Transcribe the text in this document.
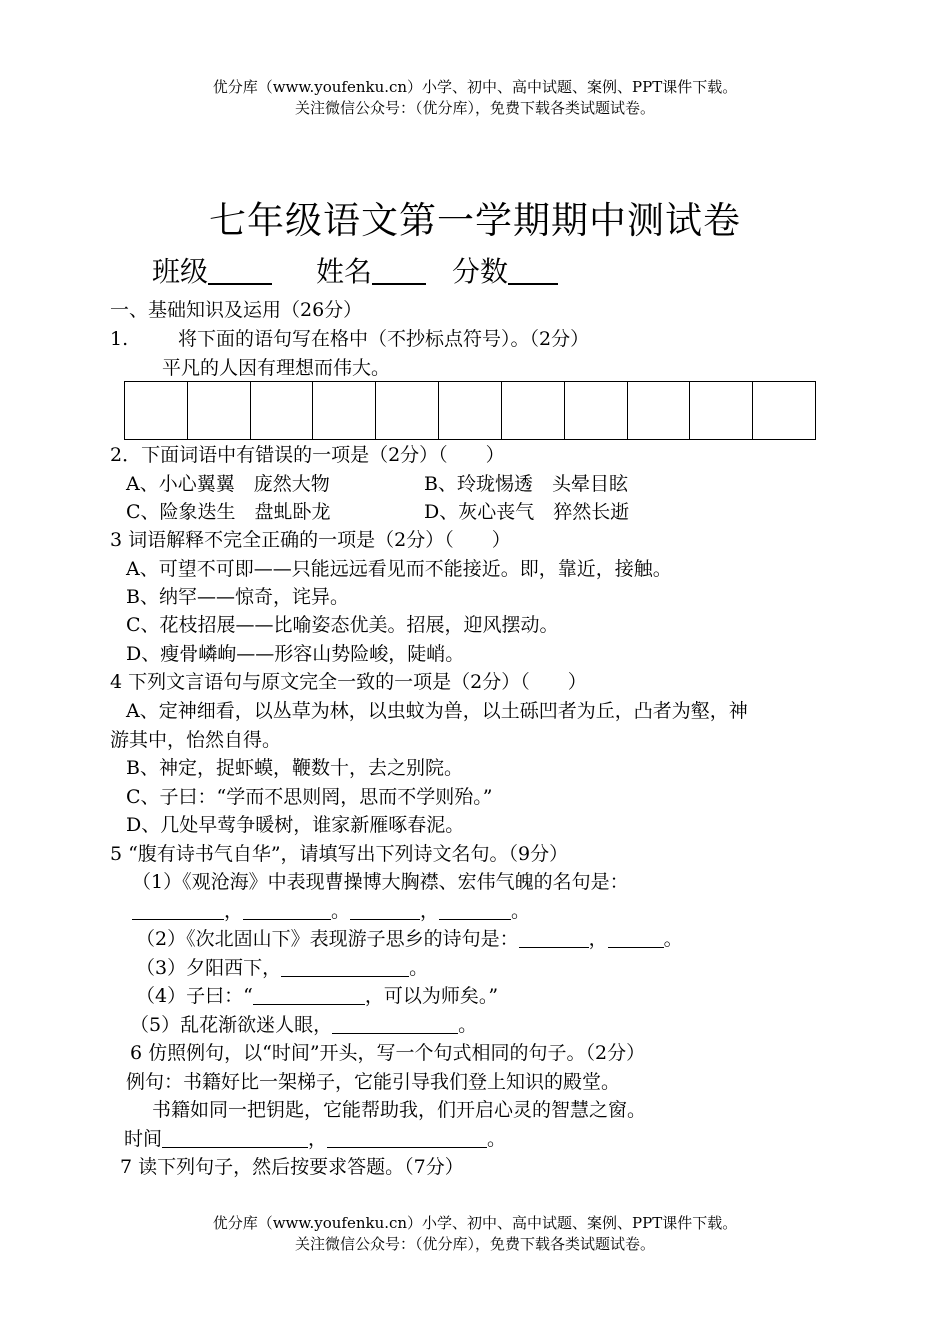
优分库（www.youfenku.cn）小学、初中、高中试题、案例、PPT课件下载。
关注微信公众号：（优分库），免费下载各类试题试卷。
七年级语文第一学期期中测试卷
班级	姓名	分数
一、基础知识及运用（26分）
1.	将下面的语句写在格中（不抄标点符号）。（2分）
平凡的人因有理想而伟大。
2．下面词语中有错误的一项是（2分）（　　）
A、小心翼翼　庞然大物	B、玲珑惕透　头晕目眩
C、险象迭生　盘虬卧龙	D、灰心丧气　猝然长逝
3 词语解释不完全正确的一项是（2分）（　　）
A、可望不可即——只能远远看见而不能接近。即，靠近，接触。
B、纳罕——惊奇，诧异。
C、花枝招展——比喻姿态优美。招展，迎风摆动。
D、瘦骨嶙峋——形容山势险峻，陡峭。
4 下列文言语句与原文完全一致的一项是（2分）（　　）
A、定神细看，以丛草为林，以虫蚊为兽，以土砾凹者为丘，凸者为壑，神
游其中，怡然自得。
B、神定，捉虾蟆，鞭数十，去之别院。
C、子曰：“学而不思则罔，思而不学则殆。”
D、几处早莺争暖树，谁家新雁啄春泥。
5 “腹有诗书气自华”，请填写出下列诗文名句。（9分）
（1）《观沧海》中表现曹操博大胸襟、宏伟气魄的名句是：
，	。	，	。
（2）《次北固山下》表现游子思乡的诗句是：	，	。
（3）夕阳西下，	。
（4）子曰：“	，可以为师矣。”
（5）乱花渐欲迷人眼，	。
6 仿照例句，以“时间”开头，写一个句式相同的句子。（2分）
例句：书籍好比一架梯子，它能引导我们登上知识的殿堂。
书籍如同一把钥匙，它能帮助我，们开启心灵的智慧之窗。
时间	，	。
7 读下列句子，然后按要求答题。（7分）
优分库（www.youfenku.cn）小学、初中、高中试题、案例、PPT课件下载。
关注微信公众号：（优分库），免费下载各类试题试卷。
